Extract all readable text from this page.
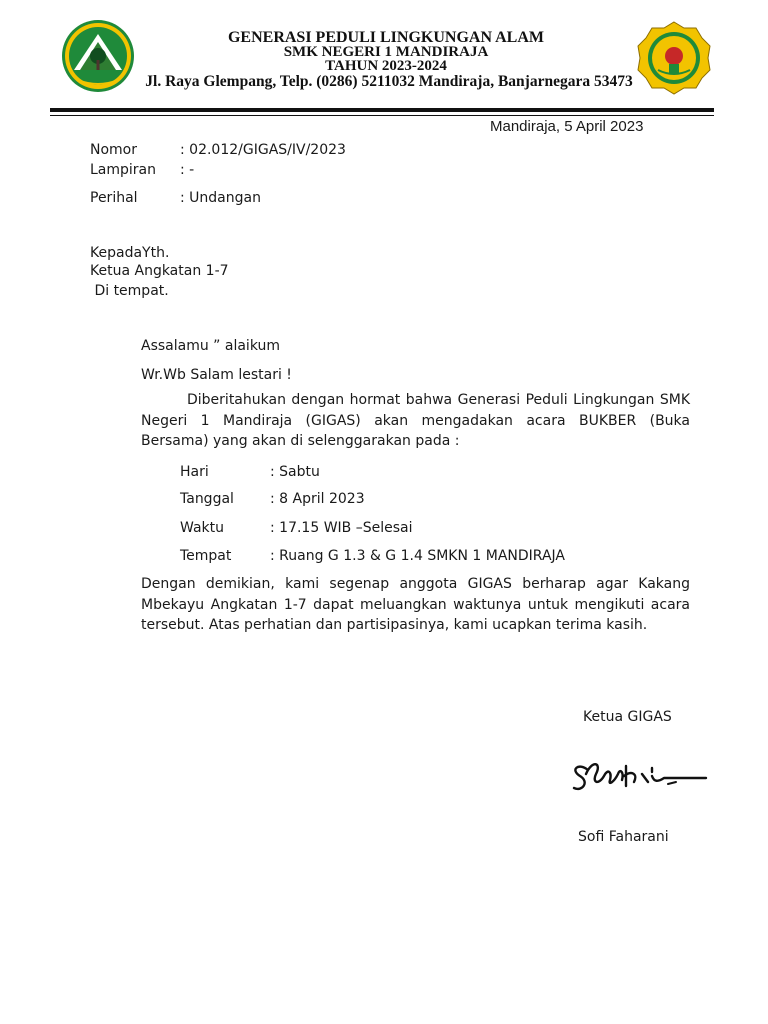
GENERASI PEDULI LINGKUNGAN ALAM
SMK NEGERI 1 MANDIRAJA
TAHUN 2023-2024
Jl. Raya Glempang, Telp. (0286) 5211032 Mandiraja, Banjarnegara 53473
Mandiraja, 5 April 2023
Nomor	: 02.012/GIGAS/IV/2023
Lampiran : -
Perihal	: Undangan
KepadaYth.
Ketua Angkatan 1-7
Di tempat.
Assalamu ” alaikum
Wr.Wb Salam lestari !
Diberitahukan dengan hormat bahwa Generasi Peduli Lingkungan SMK Negeri 1 Mandiraja (GIGAS) akan mengadakan acara BUKBER (Buka Bersama) yang akan di selenggarakan pada :
Hari	: Sabtu
Tanggal	: 8 April 2023
Waktu	: 17.15 WIB –Selesai
Tempat	: Ruang G 1.3 & G 1.4 SMKN 1 MANDIRAJA
Dengan demikian, kami segenap anggota GIGAS berharap agar Kakang Mbekayu Angkatan 1-7 dapat meluangkan waktunya untuk mengikuti acara tersebut. Atas perhatian dan partisipasinya, kami ucapkan terima kasih.
Ketua GIGAS
Sofi Faharani
